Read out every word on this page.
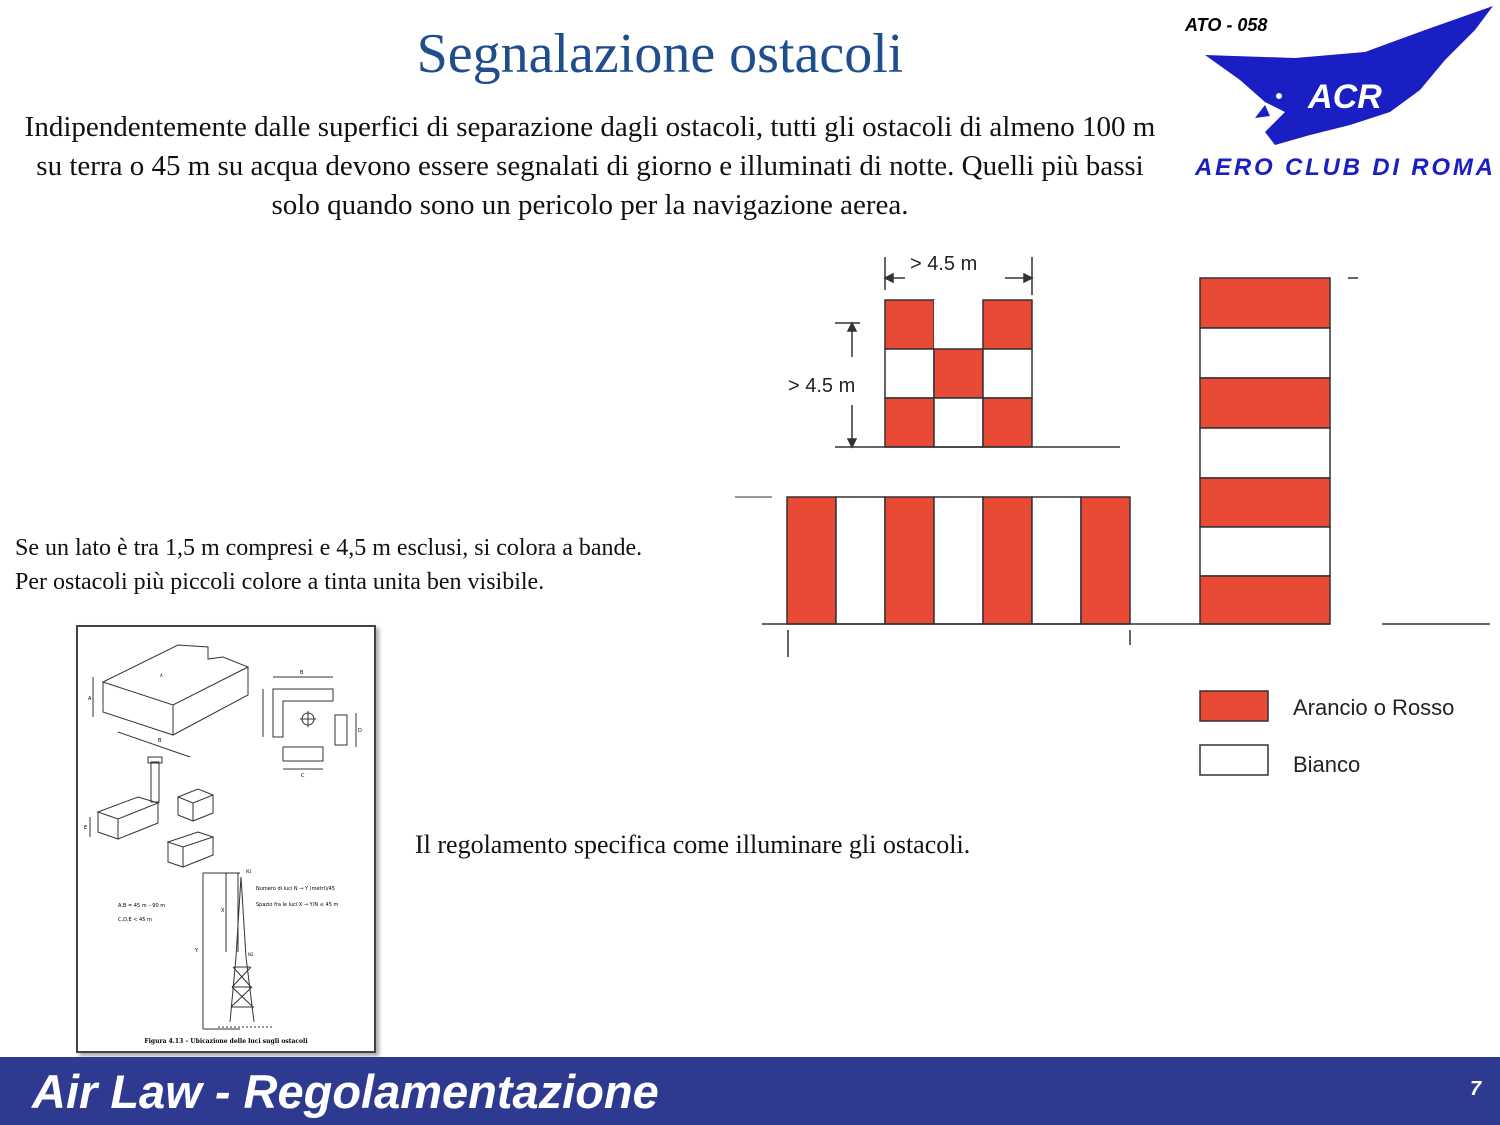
Segnalazione ostacoli
Indipendentemente dalle superfici di separazione dagli ostacoli, tutti gli ostacoli di almeno 100 m su terra o 45 m su acqua devono essere segnalati di giorno e illuminati di notte. Quelli più bassi solo quando sono un pericolo per la navigazione aerea.
Se un lato è tra 1,5 m compresi e 4,5 m esclusi, si colora a bande.
Per ostacoli più piccoli colore a tinta unita ben visibile.
Il regolamento specifica come illuminare gli ostacoli.
ATO - 058
ACR
AERO CLUB DI ROMA
> 4.5 m
> 4.5 m
Arancio o Rosso
Bianco
A
A
B
B
C
D
E
X
Y
N1
N2
Numero di luci N → Y (metri)/45
Spazio fra le luci X → Y/N ≤ 45 m
A,B = 45 m – 90 m
C,D,E < 45 m
Figura 4.13 – Ubicazione delle luci sugli ostacoli
Air Law - Regolamentazione	7
